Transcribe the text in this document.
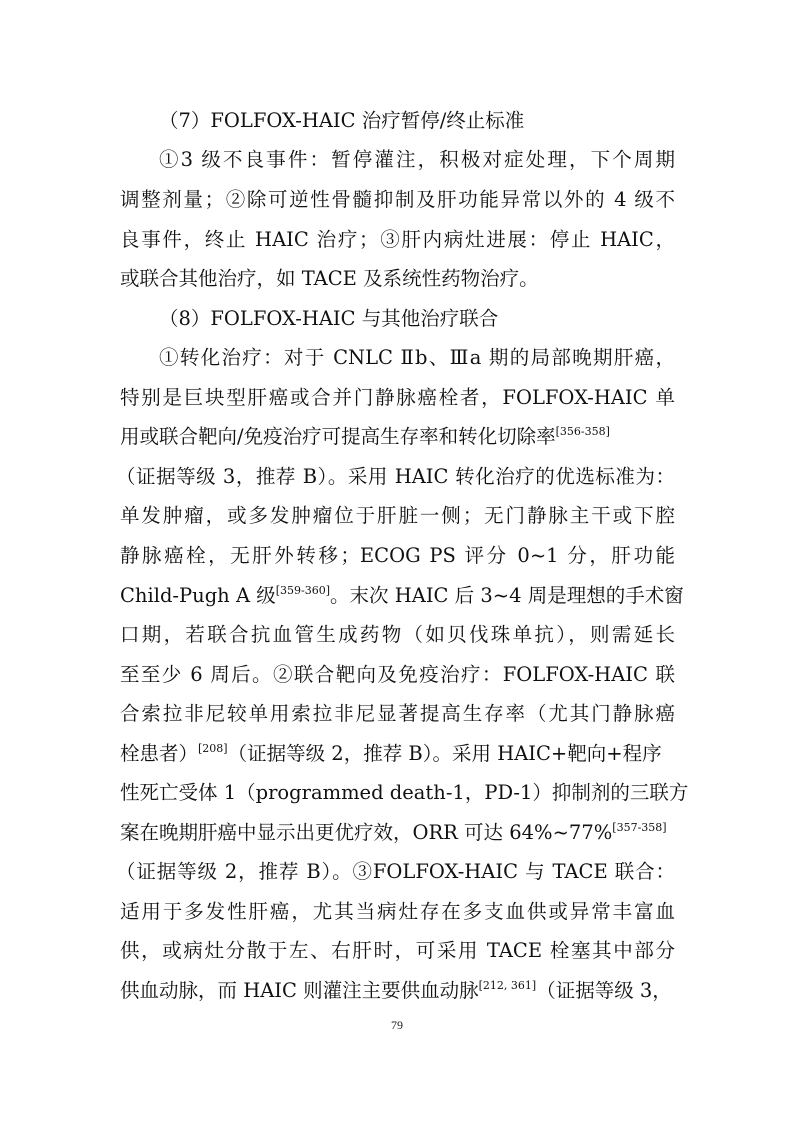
（7）FOLFOX-HAIC 治疗暂停/终止标准
①3 级不良事件：暂停灌注，积极对症处理，下个周期
调整剂量；②除可逆性骨髓抑制及肝功能异常以外的 4 级不
良事件，终止 HAIC 治疗；③肝内病灶进展：停止 HAIC，
或联合其他治疗，如 TACE 及系统性药物治疗。
（8）FOLFOX-HAIC 与其他治疗联合
①转化治疗：对于 CNLC Ⅱb、Ⅲa 期的局部晚期肝癌，
特别是巨块型肝癌或合并门静脉癌栓者，FOLFOX-HAIC 单
用或联合靶向/免疫治疗可提高生存率和转化切除率[356-358]
（证据等级 3，推荐 B）。采用 HAIC 转化治疗的优选标准为：
单发肿瘤，或多发肿瘤位于肝脏一侧；无门静脉主干或下腔
静脉癌栓，无肝外转移；ECOG PS 评分 0~1 分，肝功能
Child-Pugh A 级[359-360]。末次 HAIC 后 3~4 周是理想的手术窗
口期，若联合抗血管生成药物（如贝伐珠单抗），则需延长
至至少 6 周后。②联合靶向及免疫治疗：FOLFOX-HAIC 联
合索拉非尼较单用索拉非尼显著提高生存率（尤其门静脉癌
栓患者）[208]（证据等级 2，推荐 B）。采用 HAIC+靶向+程序
性死亡受体 1（programmed death-1，PD-1）抑制剂的三联方
案在晚期肝癌中显示出更优疗效，ORR 可达 64%~77%[357-358]
（证据等级 2，推荐 B）。③FOLFOX-HAIC 与 TACE 联合：
适用于多发性肝癌，尤其当病灶存在多支血供或异常丰富血
供，或病灶分散于左、右肝时，可采用 TACE 栓塞其中部分
供血动脉，而 HAIC 则灌注主要供血动脉[212, 361]（证据等级 3，
79
